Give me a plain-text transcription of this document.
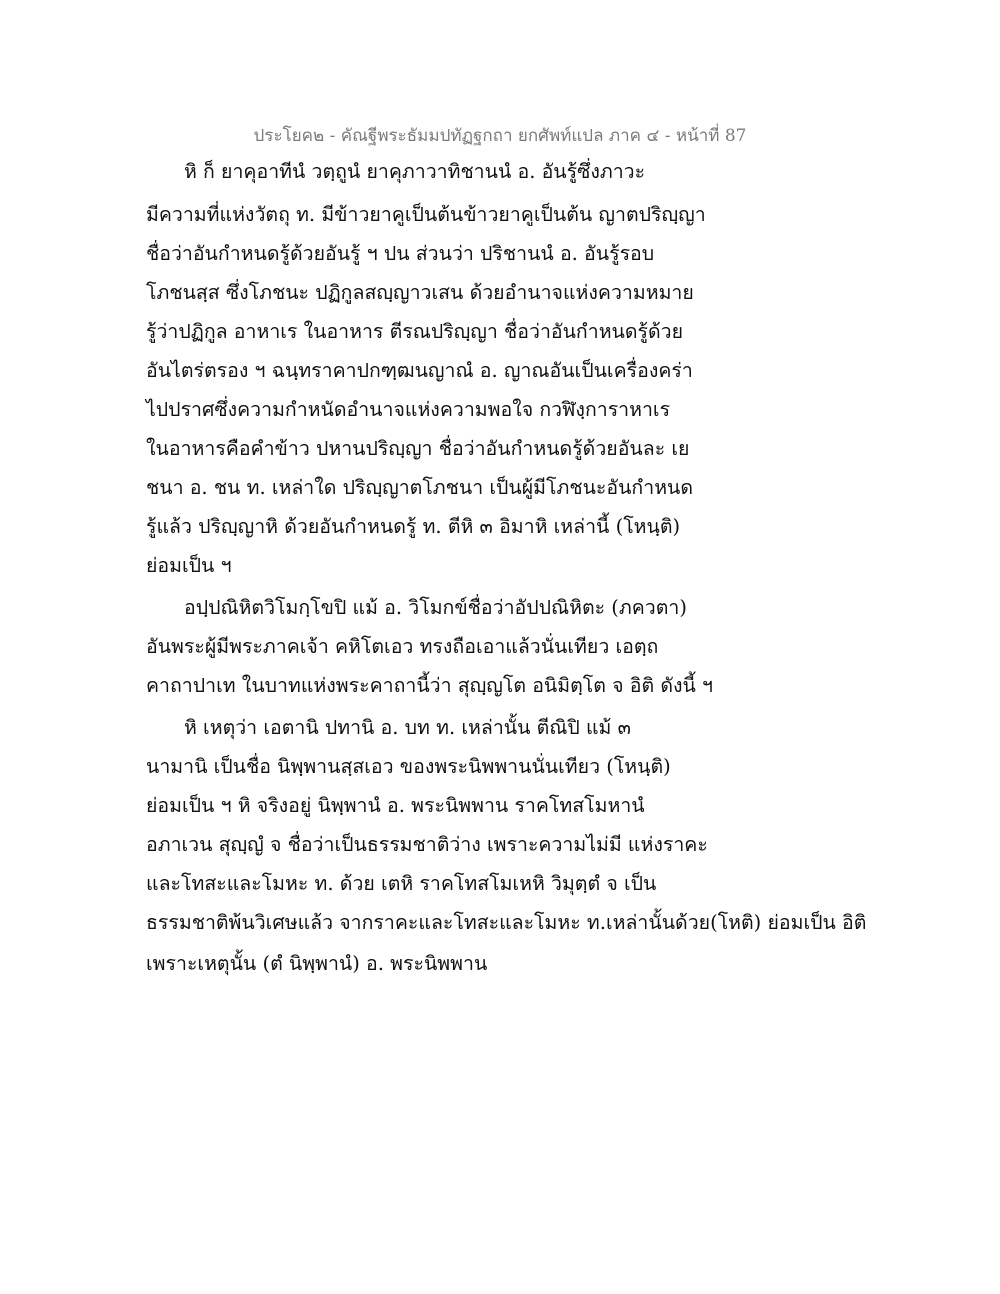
ประโยค๒ - คัณฐีพระธัมมปทัฏฐกถา ยกศัพท์แปล ภาค ๔ - หน้าที่ 87
หิ ก็ ยาคุอาทีนํ วตฺถูนํ ยาคุภาวาทิชานนํ อ. อันรู้ซึ่งภาวะ
มีความที่แห่งวัตถุ ท. มีข้าวยาคูเป็นต้นข้าวยาคูเป็นต้น ญาตปริญฺญา
ชื่อว่าอันกำหนดรู้ด้วยอันรู้ ฯ ปน ส่วนว่า ปริชานนํ อ. อันรู้รอบ
โภชนสฺส ซึ่งโภชนะ ปฏิกูลสญฺญาวเสน ด้วยอำนาจแห่งความหมาย
รู้ว่าปฏิกูล อาหาเร ในอาหาร ตีรณปริญฺญา ชื่อว่าอันกำหนดรู้ด้วย
อันไตร่ตรอง ฯ ฉนฺทราคาปกฑฺฒนญาณํ อ. ญาณอันเป็นเครื่องคร่า
ไปปราศซึ่งความกำหนัดอำนาจแห่งความพอใจ กวฬิงฺการาหาเร
ในอาหารคือคำข้าว ปหานปริญฺญา ชื่อว่าอันกำหนดรู้ด้วยอันละ เย
ชนา อ. ชน ท. เหล่าใด ปริญฺญาตโภชนา เป็นผู้มีโภชนะอันกำหนด
รู้แล้ว ปริญฺญาหิ ด้วยอันกำหนดรู้ ท. ตีหิ ๓ อิมาหิ เหล่านี้ (โหนฺติ)
ย่อมเป็น ฯ
อปฺปณิหิตวิโมกฺโขปิ แม้ อ. วิโมกข์ชื่อว่าอัปปณิหิตะ (ภควตา)
อันพระผู้มีพระภาคเจ้า คหิโตเอว ทรงถือเอาแล้วนั่นเทียว เอตฺถ
คาถาปาเท ในบาทแห่งพระคาถานี้ว่า สุญฺญโต อนิมิตฺโต จ อิติ ดังนี้ ฯ
หิ เหตุว่า เอตานิ ปทานิ อ. บท ท. เหล่านั้น ตีณิปิ แม้ ๓
นามานิ เป็นชื่อ นิพฺพานสฺสเอว ของพระนิพพานนั่นเทียว (โหนฺติ)
ย่อมเป็น ฯ หิ จริงอยู่ นิพฺพานํ อ. พระนิพพาน ราคโทสโมหานํ
อภาเวน สุญฺญํ จ ชื่อว่าเป็นธรรมชาติว่าง เพราะความไม่มี แห่งราคะ
และโทสะและโมหะ ท. ด้วย เตหิ ราคโทสโมเหหิ วิมุตฺตํ จ เป็น
ธรรมชาติพ้นวิเศษแล้ว จากราคะและโทสะและโมหะ ท.เหล่านั้นด้วย(โหติ) ย่อมเป็น อิติ
เพราะเหตุนั้น (ตํ นิพฺพานํ) อ. พระนิพพาน
